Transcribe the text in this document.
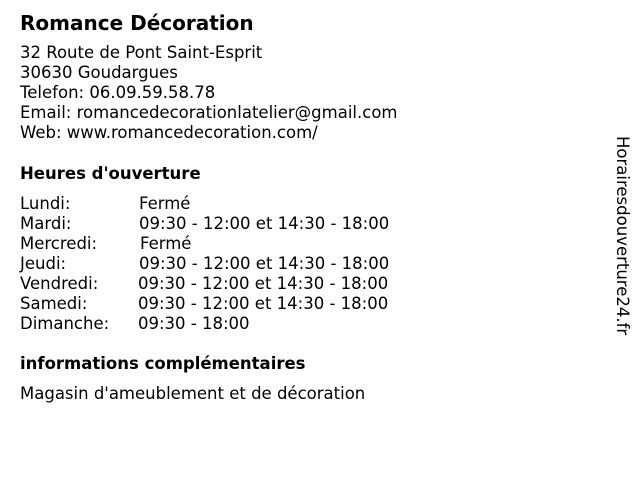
Romance Décoration
32 Route de Pont Saint-Esprit
30630 Goudargues
Telefon: 06.09.59.58.78
Email: romancedecorationlatelier@gmail.com
Web: www.romancedecoration.com/
Heures d'ouverture
Lundi:	Fermé
Mardi:	09:30 - 12:00 et 14:30 - 18:00
Mercredi:	Fermé
Jeudi:	09:30 - 12:00 et 14:30 - 18:00
Vendredi: 09:30 - 12:00 et 14:30 - 18:00
Samedi:	09:30 - 12:00 et 14:30 - 18:00
Dimanche: 09:30 - 18:00
informations complémentaires
Magasin d'ameublement et de décoration
Horairesdouverture24.fr
